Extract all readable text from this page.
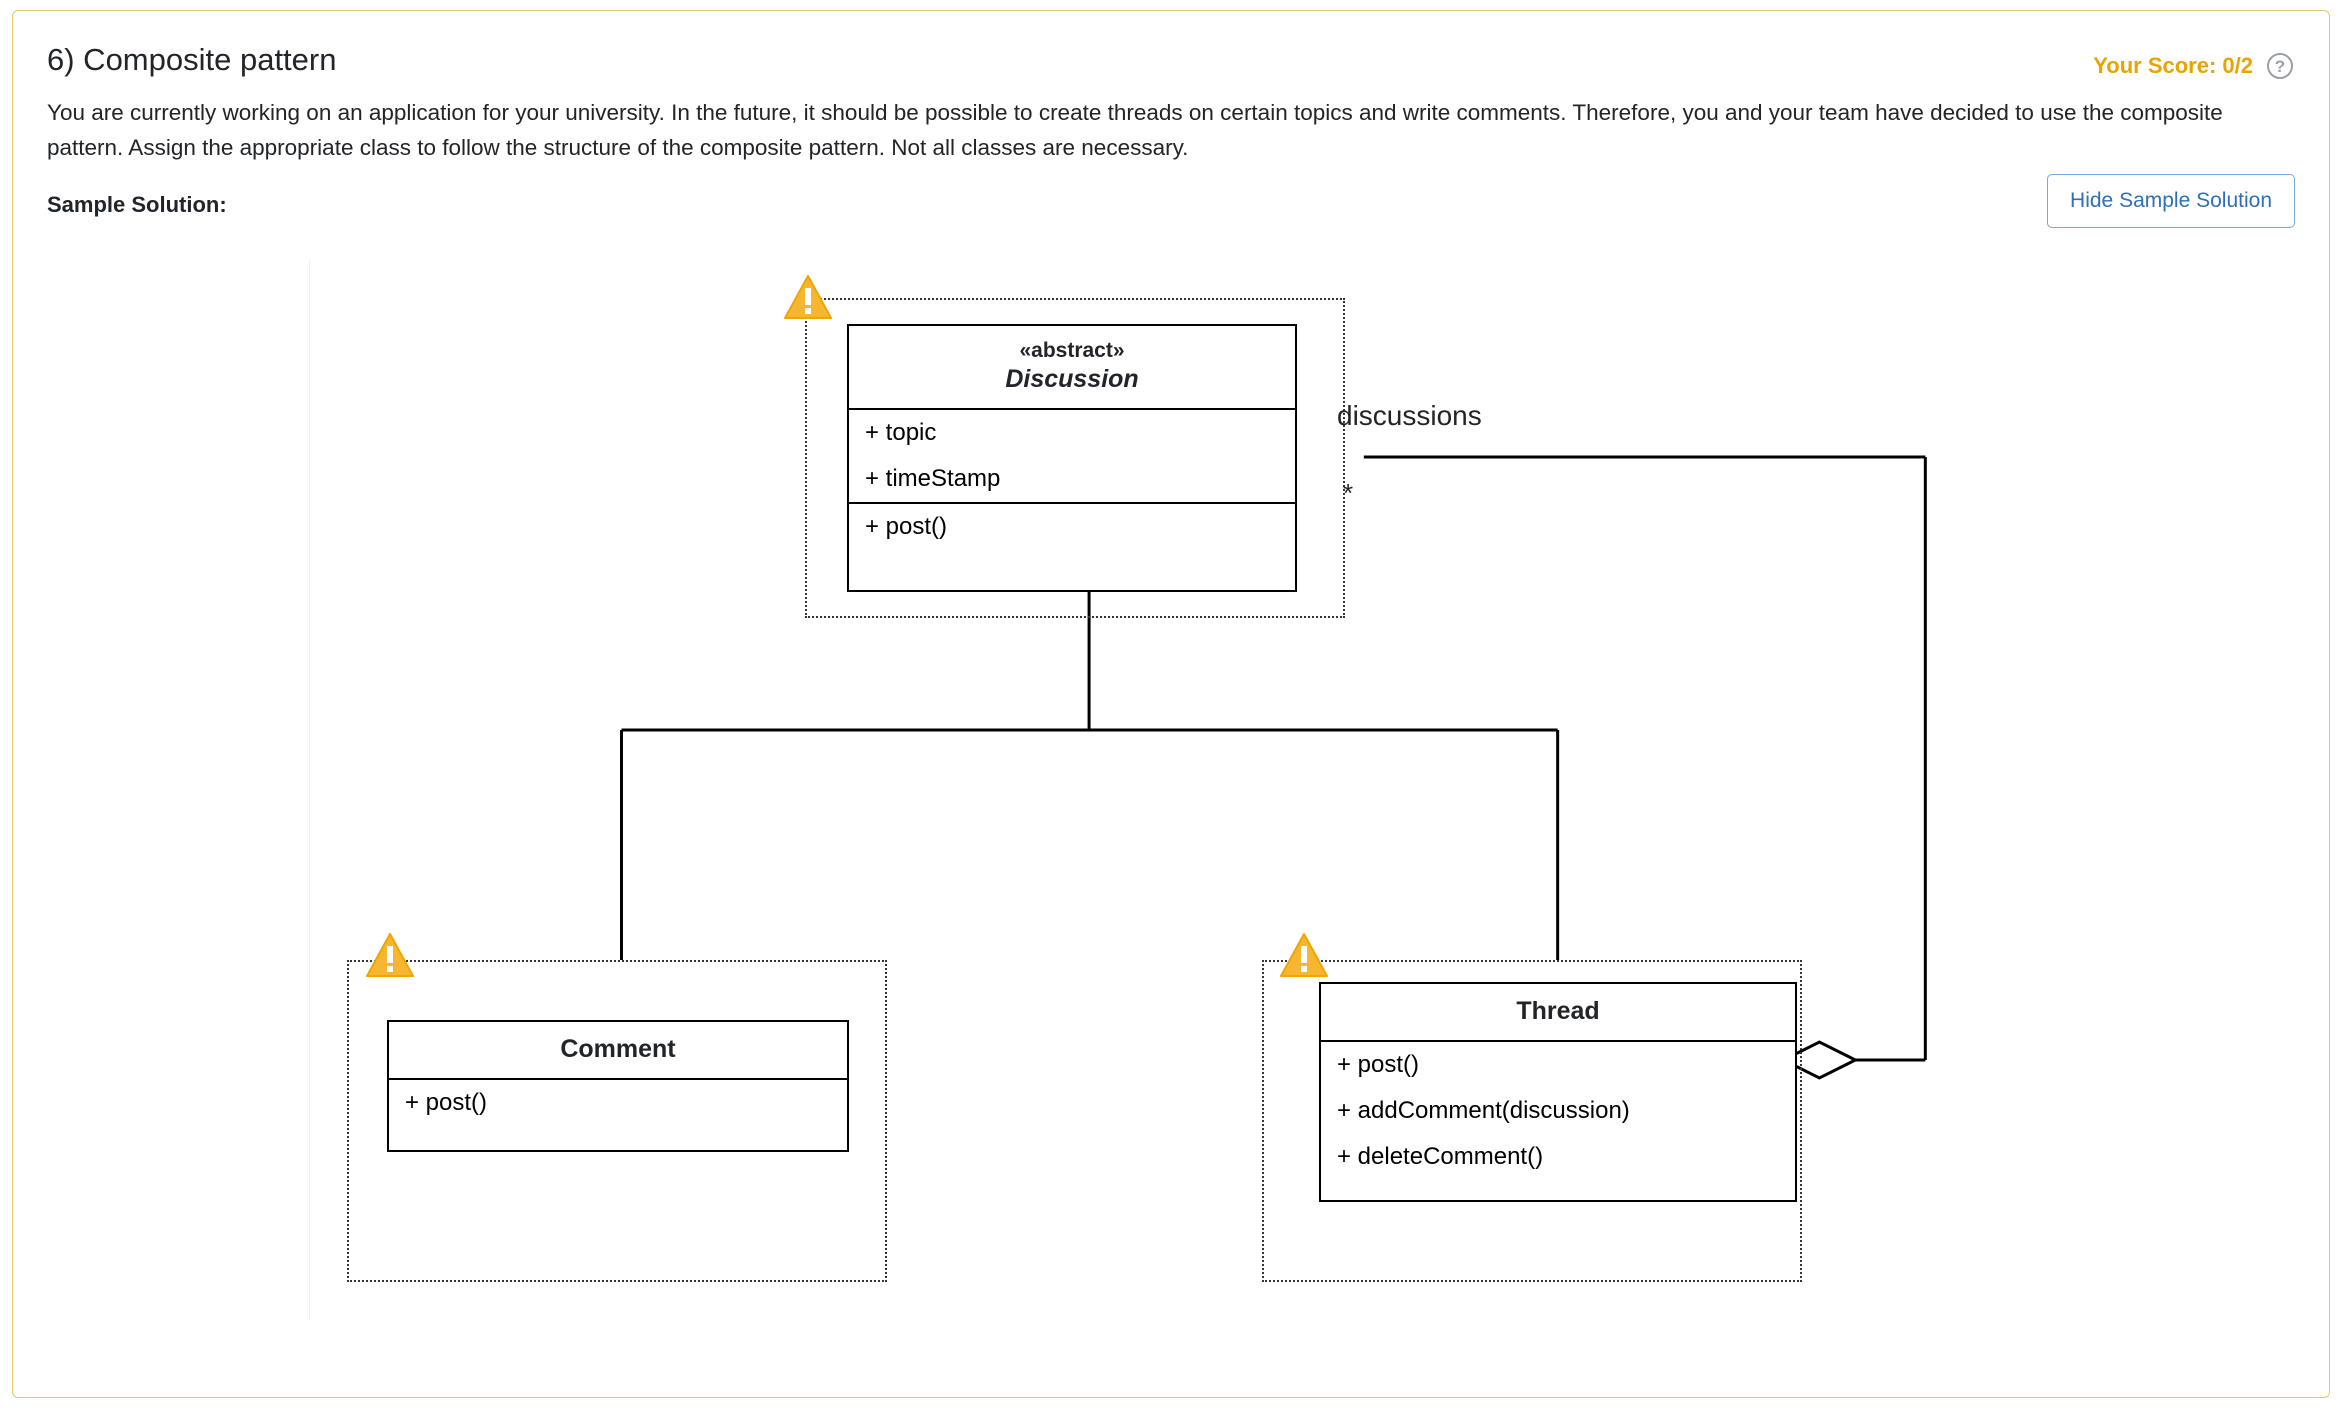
6) Composite pattern	Your Score: 0/2	?

You are currently working on an application for your university. In the future, it should be possible to create threads on certain topics and write comments. Therefore, you and your team have decided to use the composite pattern. Assign the appropriate class to follow the structure of the composite pattern. Not all classes are necessary.

Sample Solution:	Hide Sample Solution
discussions
*
«abstract»
Discussion
+ topic
+ timeStamp
+ post()
Comment
+ post()
Thread
+ post()
+ addComment(discussion)
+ deleteComment()
